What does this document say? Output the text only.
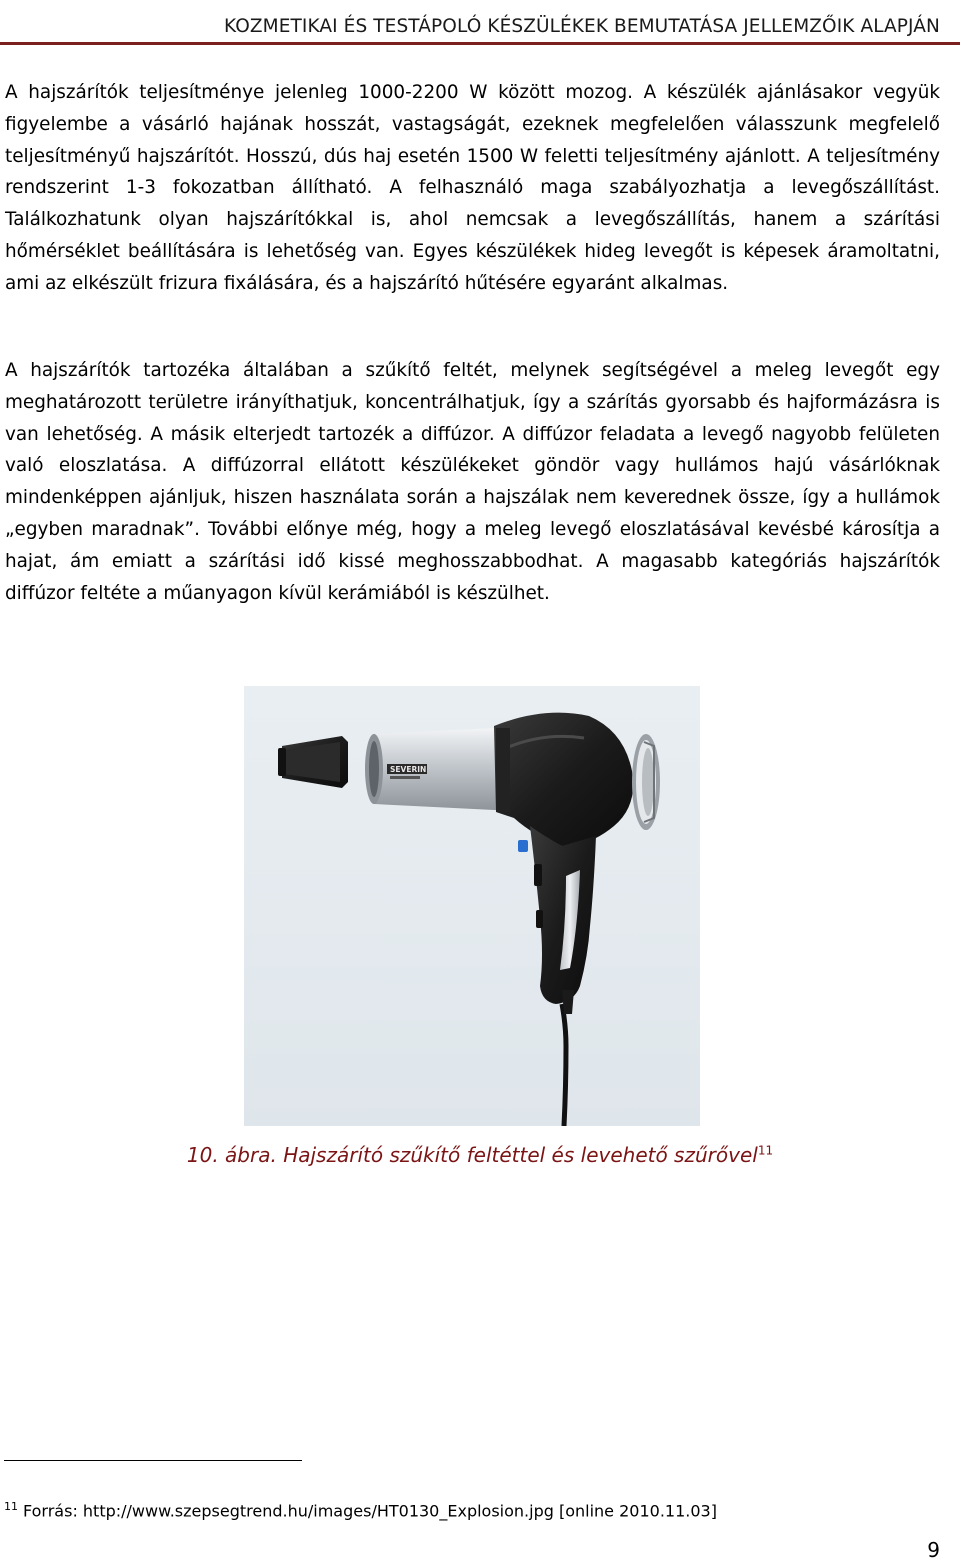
KOZMETIKAI ÉS TESTÁPOLÓ KÉSZÜLÉKEK BEMUTATÁSA JELLEMZŐIK ALAPJÁN

A hajszárítók teljesítménye jelenleg 1000-2200 W között mozog. A készülék ajánlásakor vegyük figyelembe a vásárló hajának hosszát, vastagságát, ezeknek megfelelően válasszunk megfelelő teljesítményű hajszárítót. Hosszú, dús haj esetén 1500 W feletti teljesítmény ajánlott. A teljesítmény rendszerint 1-3 fokozatban állítható. A felhasználó maga szabályozhatja a levegőszállítást. Találkozhatunk olyan hajszárítókkal is, ahol nemcsak a levegőszállítás, hanem a szárítási hőmérséklet beállítására is lehetőség van. Egyes készülékek hideg levegőt is képesek áramoltatni, ami az elkészült frizura fixálására, és a hajszárító hűtésére egyaránt alkalmas.

A hajszárítók tartozéka általában a szűkítő feltét, melynek segítségével a meleg levegőt egy meghatározott területre irányíthatjuk, koncentrálhatjuk, így a szárítás gyorsabb és hajformázásra is van lehetőség. A másik elterjedt tartozék a diffúzor. A diffúzor feladata a levegő nagyobb felületen való eloszlatása. A diffúzorral ellátott készülékeket göndör vagy hullámos hajú vásárlóknak mindenképpen ajánljuk, hiszen használata során a hajszálak nem keverednek össze, így a hullámok „egyben maradnak”. További előnye még, hogy a meleg levegő eloszlatásával kevésbé károsítja a hajat, ám emiatt a szárítási idő kissé meghosszabbodhat. A magasabb kategóriás hajszárítók diffúzor feltéte a műanyagon kívül kerámiából is készülhet.

SEVERIN
10. ábra. Hajszárító szűkítő feltéttel és levehető szűrővel$^{11}$
$^{11}$ Forrás: http://www.szepsegtrend.hu/images/HT0130_Explosion.jpg [online 2010.11.03]
9
